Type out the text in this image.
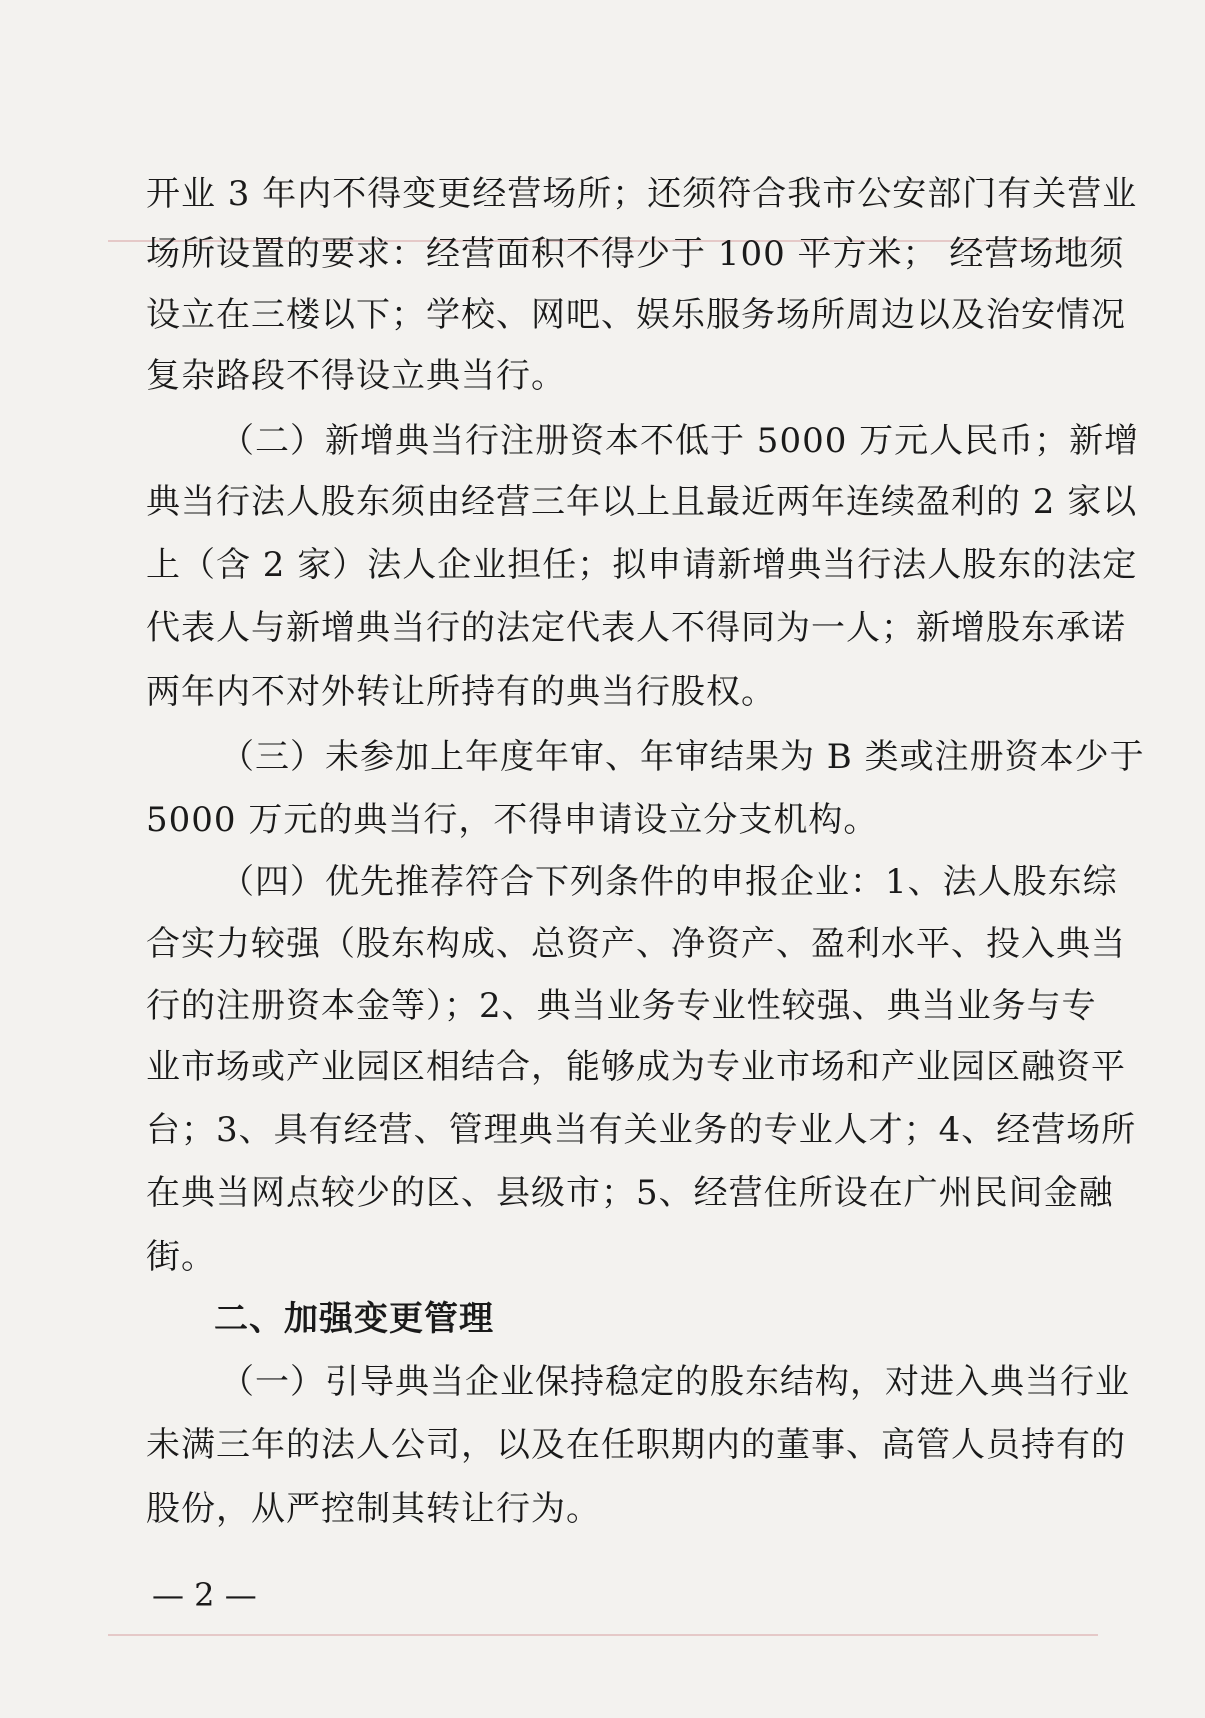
开业 3 年内不得变更经营场所；还须符合我市公安部门有关营业
场所设置的要求：经营面积不得少于 100 平方米； 经营场地须
设立在三楼以下；学校、网吧、娱乐服务场所周边以及治安情况
复杂路段不得设立典当行。
（二）新增典当行注册资本不低于 5000 万元人民币；新增
典当行法人股东须由经营三年以上且最近两年连续盈利的 2 家以
上（含 2 家）法人企业担任；拟申请新增典当行法人股东的法定
代表人与新增典当行的法定代表人不得同为一人；新增股东承诺
两年内不对外转让所持有的典当行股权。
（三）未参加上年度年审、年审结果为 B 类或注册资本少于
5000 万元的典当行，不得申请设立分支机构。
（四）优先推荐符合下列条件的申报企业：1、法人股东综
合实力较强（股东构成、总资产、净资产、盈利水平、投入典当
行的注册资本金等）；2、典当业务专业性较强、典当业务与专
业市场或产业园区相结合，能够成为专业市场和产业园区融资平
台；3、具有经营、管理典当有关业务的专业人才；4、经营场所
在典当网点较少的区、县级市；5、经营住所设在广州民间金融
街。
二、加强变更管理
（一）引导典当企业保持稳定的股东结构，对进入典当行业
未满三年的法人公司，以及在任职期内的董事、高管人员持有的
股份，从严控制其转让行为。
— 2 —
